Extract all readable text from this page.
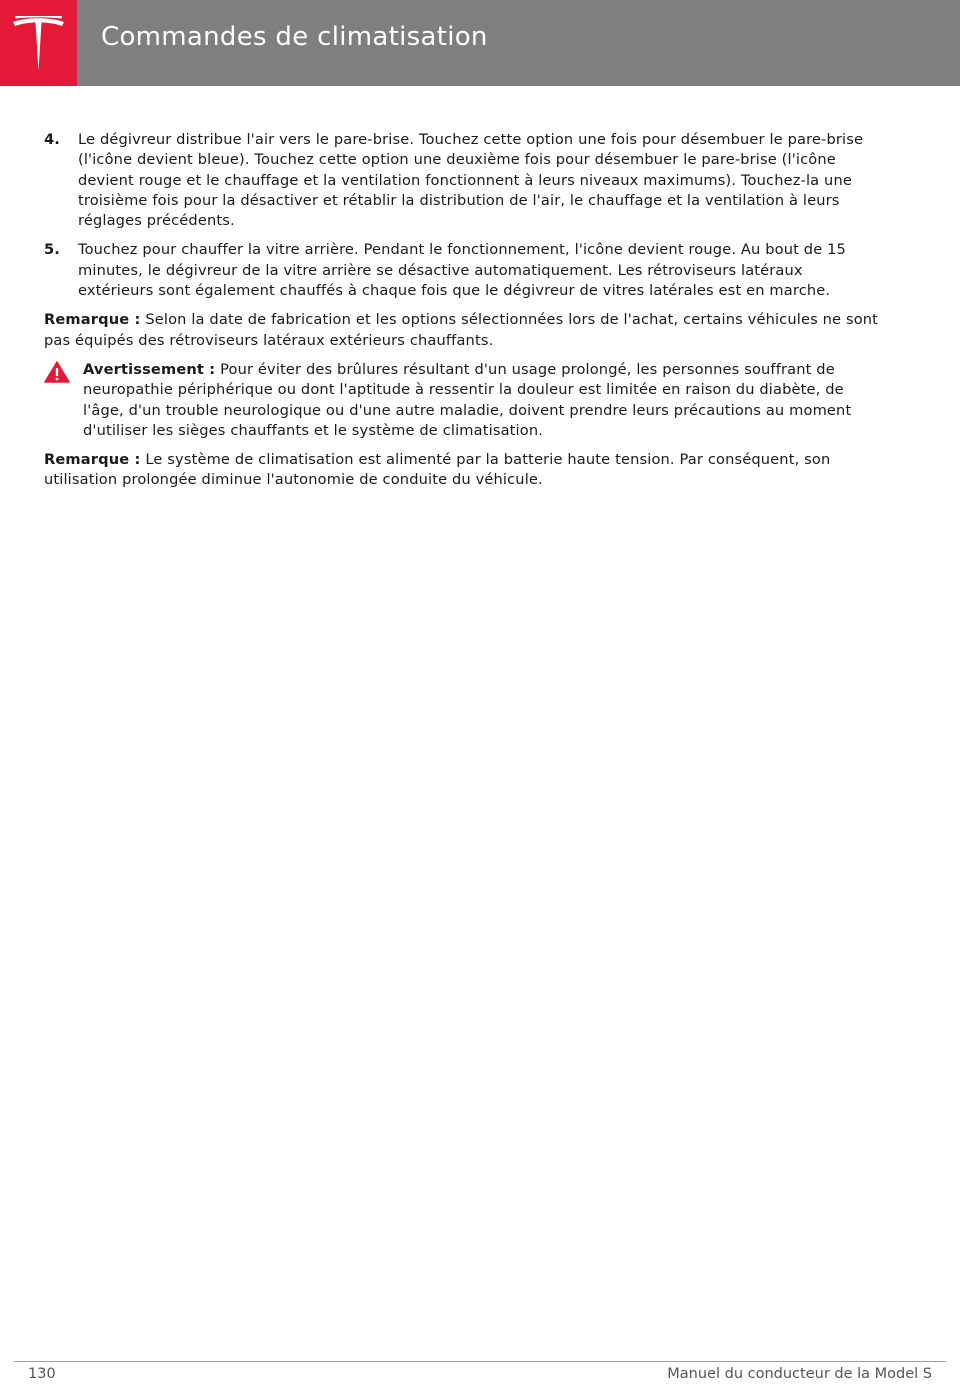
Commandes de climatisation
4. Le dégivreur distribue l'air vers le pare-brise. Touchez cette option une fois pour désembuer le pare-brise (l'icône devient bleue). Touchez cette option une deuxième fois pour désembuer le pare-brise (l'icône devient rouge et le chauffage et la ventilation fonctionnent à leurs niveaux maximums). Touchez-la une troisième fois pour la désactiver et rétablir la distribution de l'air, le chauffage et la ventilation à leurs réglages précédents.
5. Touchez pour chauffer la vitre arrière. Pendant le fonctionnement, l'icône devient rouge. Au bout de 15 minutes, le dégivreur de la vitre arrière se désactive automatiquement. Les rétroviseurs latéraux extérieurs sont également chauffés à chaque fois que le dégivreur de vitres latérales est en marche.

Remarque : Selon la date de fabrication et les options sélectionnées lors de l'achat, certains véhicules ne sont pas équipés des rétroviseurs latéraux extérieurs chauffants.

Avertissement : Pour éviter des brûlures résultant d'un usage prolongé, les personnes souffrant de neuropathie périphérique ou dont l'aptitude à ressentir la douleur est limitée en raison du diabète, de l'âge, d'un trouble neurologique ou d'une autre maladie, doivent prendre leurs précautions au moment d'utiliser les sièges chauffants et le système de climatisation.

Remarque : Le système de climatisation est alimenté par la batterie haute tension. Par conséquent, son utilisation prolongée diminue l'autonomie de conduite du véhicule.

130	Manuel du conducteur de la Model S
